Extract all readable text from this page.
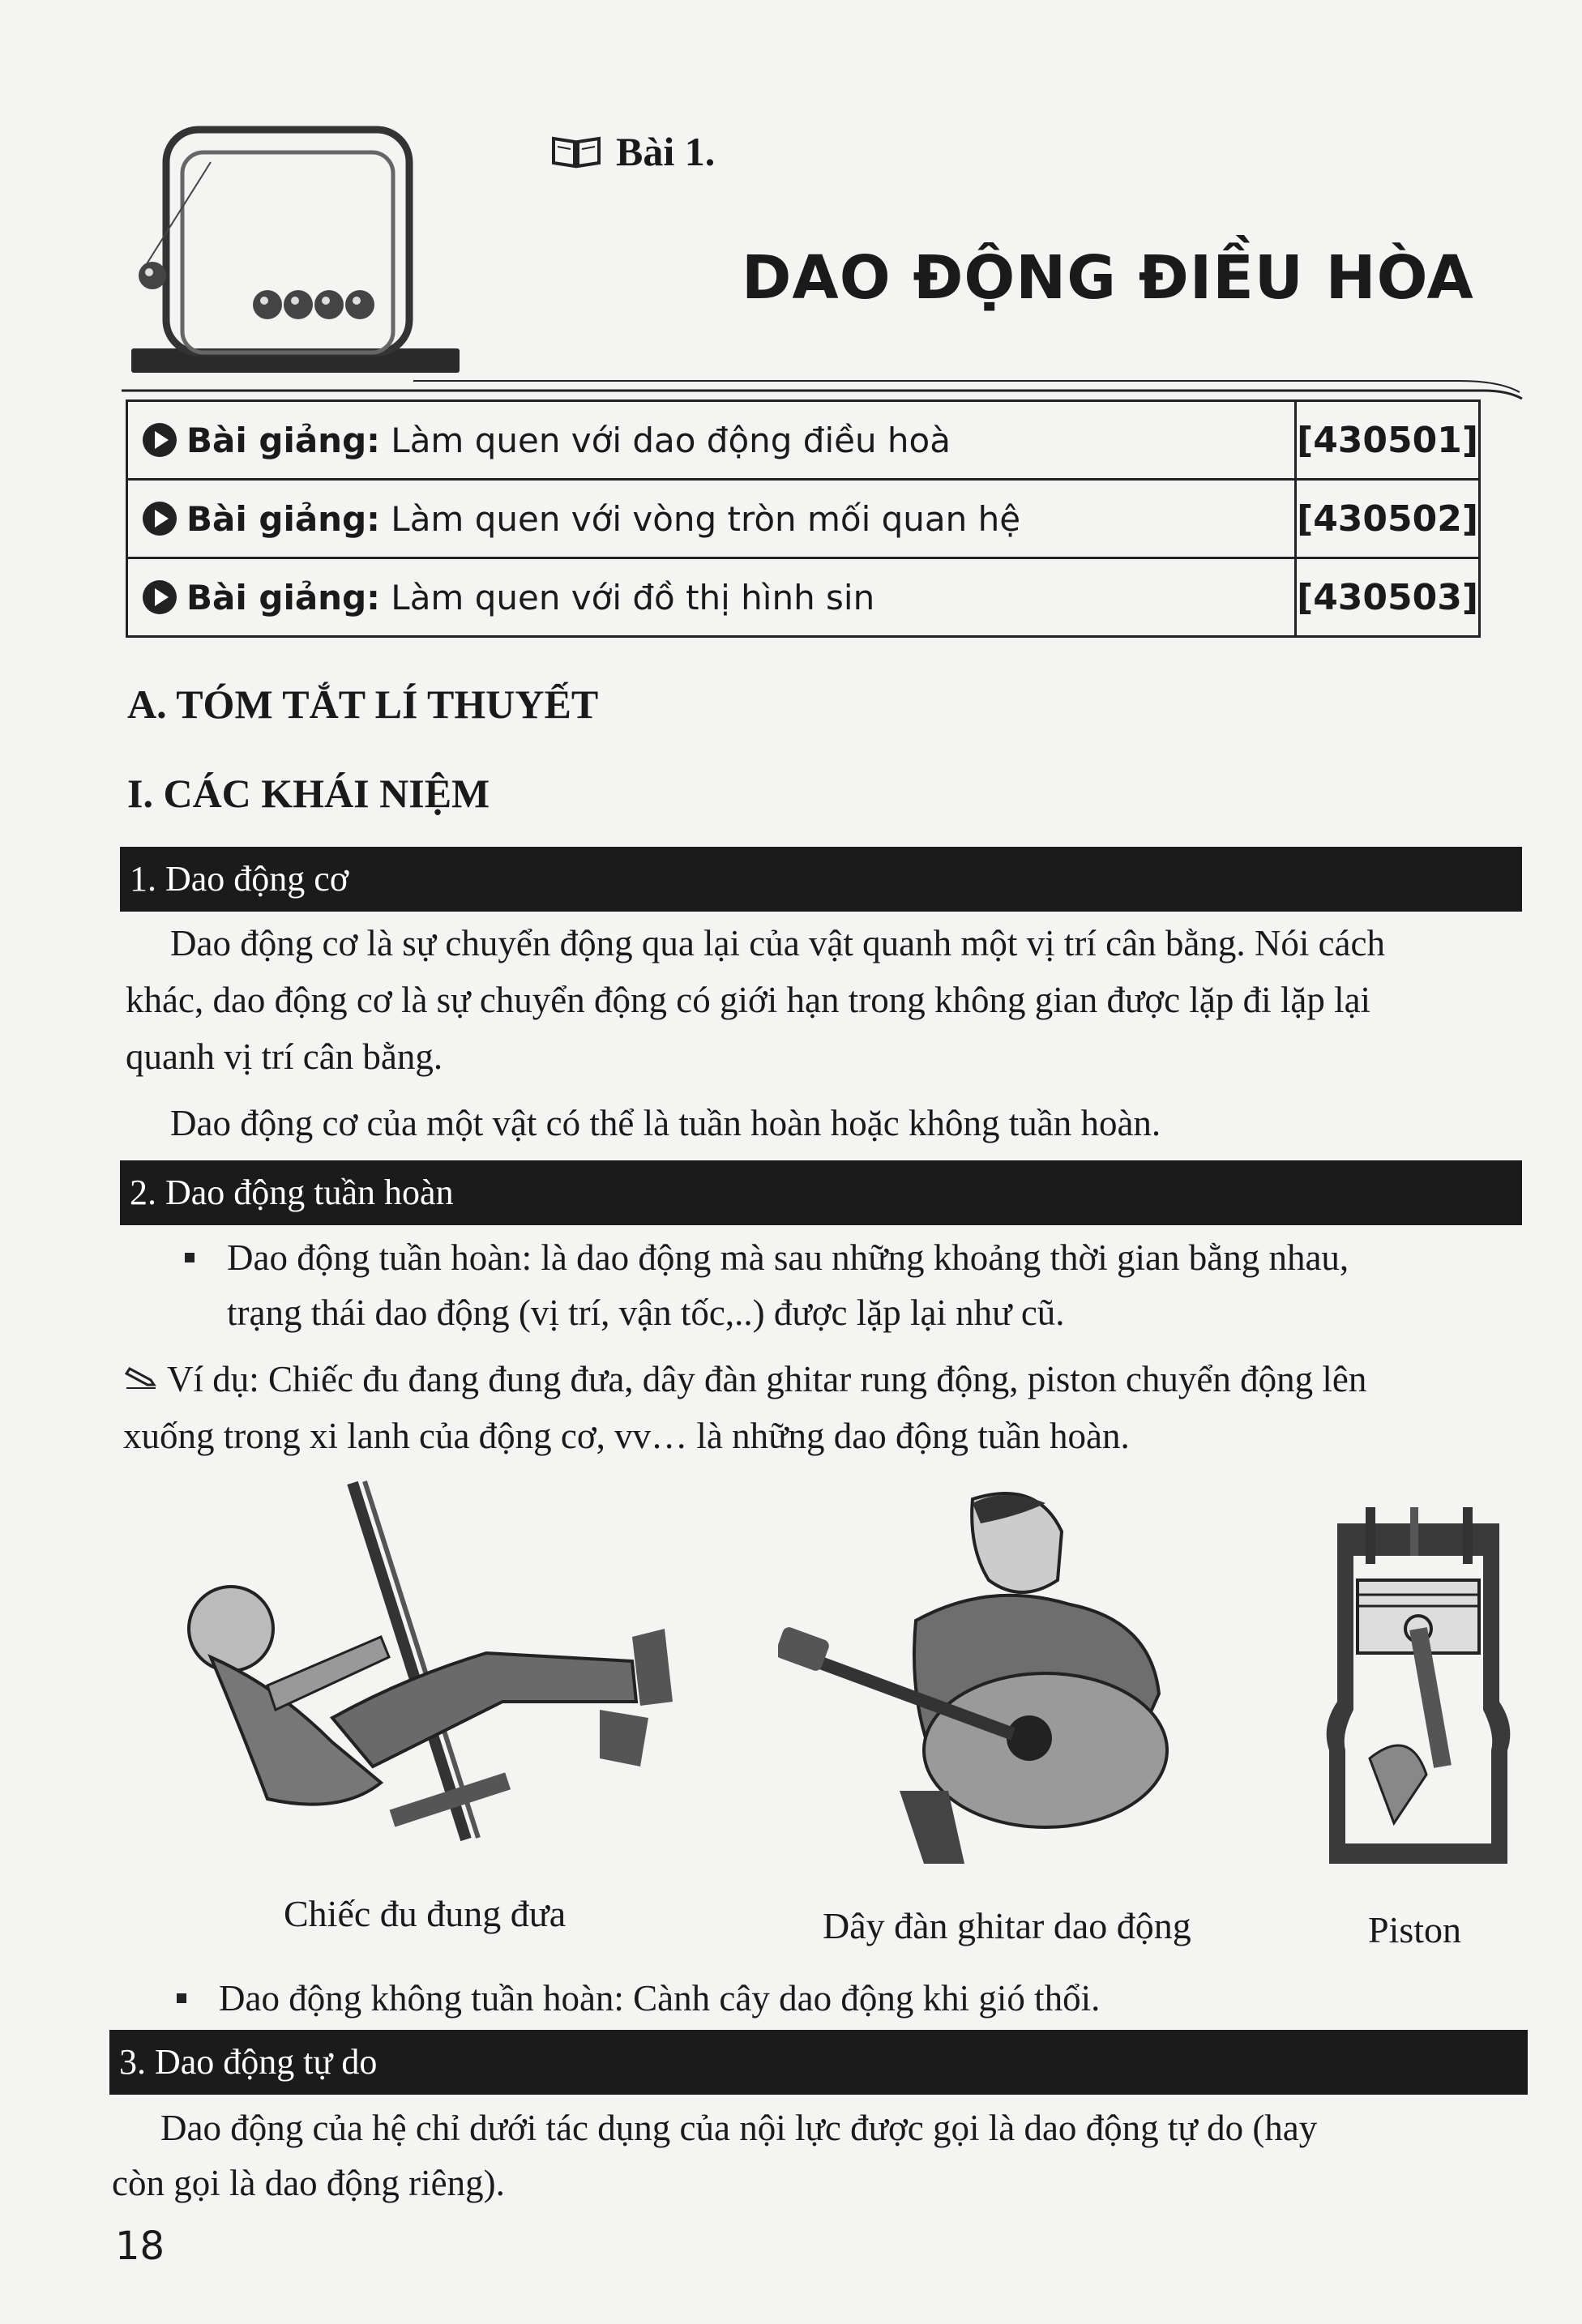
Bài 1.
DAO ĐỘNG ĐIỀU HÒA
Bài giảng: Làm quen với dao động điều hoà	[430501]
Bài giảng: Làm quen với vòng tròn mối quan hệ	[430502]
Bài giảng: Làm quen với đồ thị hình sin	[430503]
A. TÓM TẮT LÍ THUYẾT
I. CÁC KHÁI NIỆM
1. Dao động cơ
Dao động cơ là sự chuyển động qua lại của vật quanh một vị trí cân bằng. Nói cách
khác, dao động cơ là sự chuyển động có giới hạn trong không gian được lặp đi lặp lại
quanh vị trí cân bằng.
Dao động cơ của một vật có thể là tuần hoàn hoặc không tuần hoàn.
2. Dao động tuần hoàn
Dao động tuần hoàn: là dao động mà sau những khoảng thời gian bằng nhau,
trạng thái dao động (vị trí, vận tốc,..) được lặp lại như cũ.
Ví dụ: Chiếc đu đang đung đưa, dây đàn ghitar rung động, piston chuyển động lên
xuống trong xi lanh của động cơ, vv… là những dao động tuần hoàn.
Chiếc đu đung đưa	Dây đàn ghitar dao động	Piston
Dao động không tuần hoàn: Cành cây dao động khi gió thổi.
3. Dao động tự do
Dao động của hệ chỉ dưới tác dụng của nội lực được gọi là dao động tự do (hay
còn gọi là dao động riêng).
18
